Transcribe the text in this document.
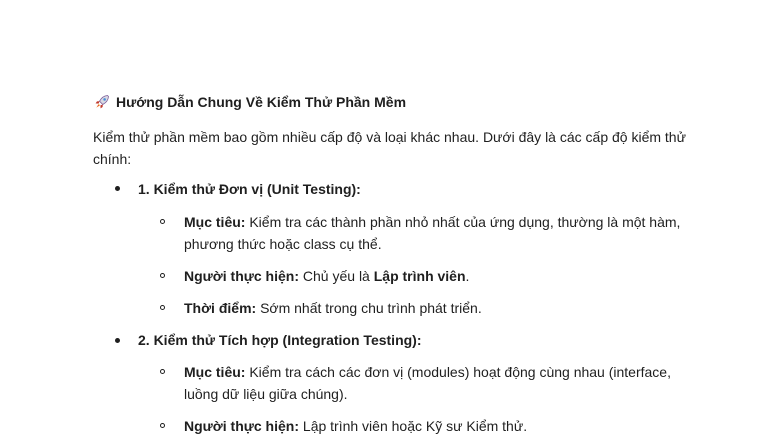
Hướng Dẫn Chung Về Kiểm Thử Phần Mềm
Kiểm thử phần mềm bao gồm nhiều cấp độ và loại khác nhau. Dưới đây là các cấp độ kiểm thử chính:
1. Kiểm thử Đơn vị (Unit Testing):
Mục tiêu: Kiểm tra các thành phần nhỏ nhất của ứng dụng, thường là một hàm, phương thức hoặc class cụ thể.
Người thực hiện: Chủ yếu là Lập trình viên.
Thời điểm: Sớm nhất trong chu trình phát triển.
2. Kiểm thử Tích hợp (Integration Testing):
Mục tiêu: Kiểm tra cách các đơn vị (modules) hoạt động cùng nhau (interface, luồng dữ liệu giữa chúng).
Người thực hiện: Lập trình viên hoặc Kỹ sư Kiểm thử.
